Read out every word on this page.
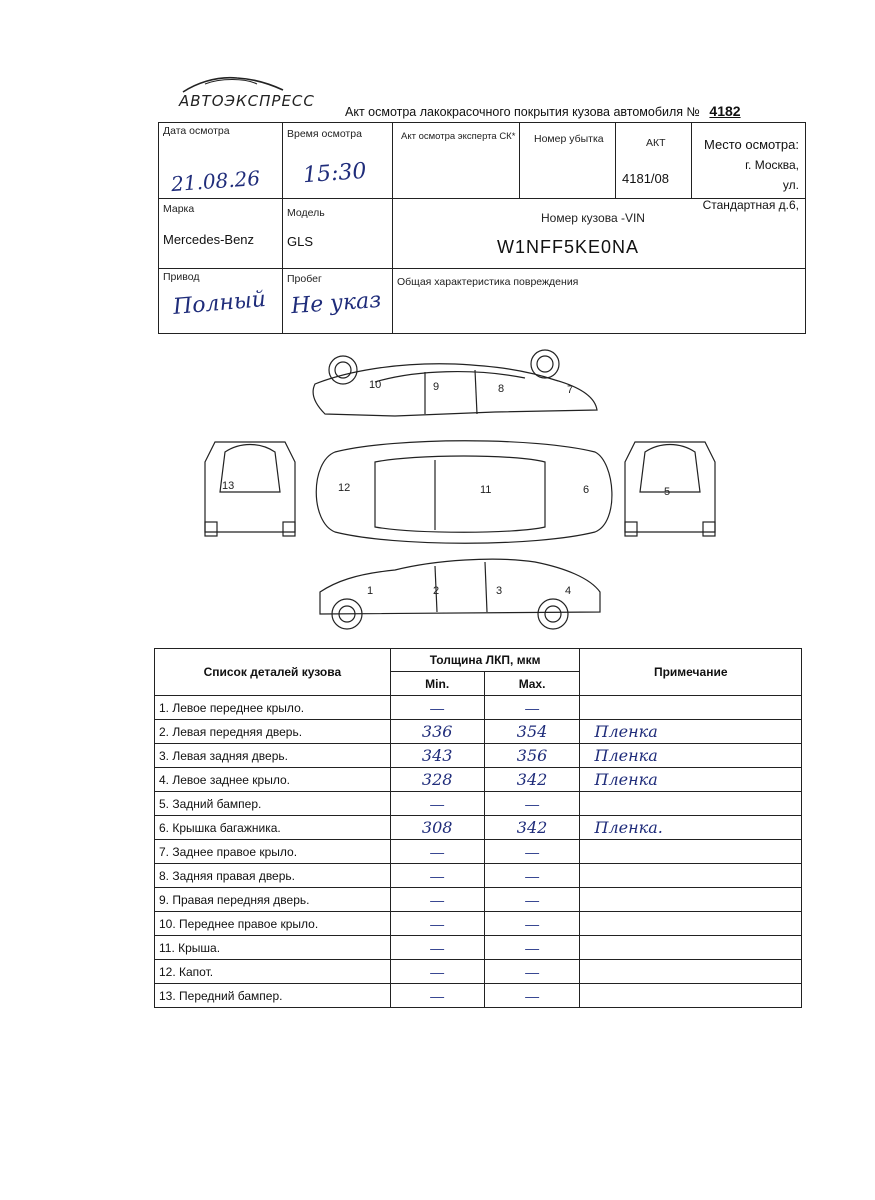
АВТОЭКСПРЕСС
Акт осмотра лакокрасочного покрытия кузова автомобиля № 4182
Дата осмотра
21.08.26
Время осмотра
15:30
Акт осмотра эксперта СК* Номер убытка	АКТ
4181/08
Место осмотра:
г. Москва,
ул.
Стандартная д.6,
Марка
Mercedes-Benz
Модель
GLS
Номер кузова -VIN
W1NFF5KE0NA
Привод
Полный
Пробег
Не указ
Общая характеристика повреждения
1	2	3	4
5
6
7
8
9
10
11
12
13
Список деталей кузова	Толщина ЛКП, мкм		Примечание
	Min.	Max.	
1. Левое переднее крыло.	—	—	
2. Левая передняя дверь.	336	354	Пленка
3. Левая задняя дверь.	343	356	Пленка
4. Левое заднее крыло.	328	342	Пленка
5. Задний бампер.	—	—	
6. Крышка багажника.	308	342	Пленка.
7. Заднее правое крыло.	—	—	
8. Задняя правая дверь.	—	—	
9. Правая передняя дверь.	—	—	
10. Переднее правое крыло.	—	—	
11. Крыша.	—	—	
12. Капот.	—	—	
13. Передний бампер.	—	—	
